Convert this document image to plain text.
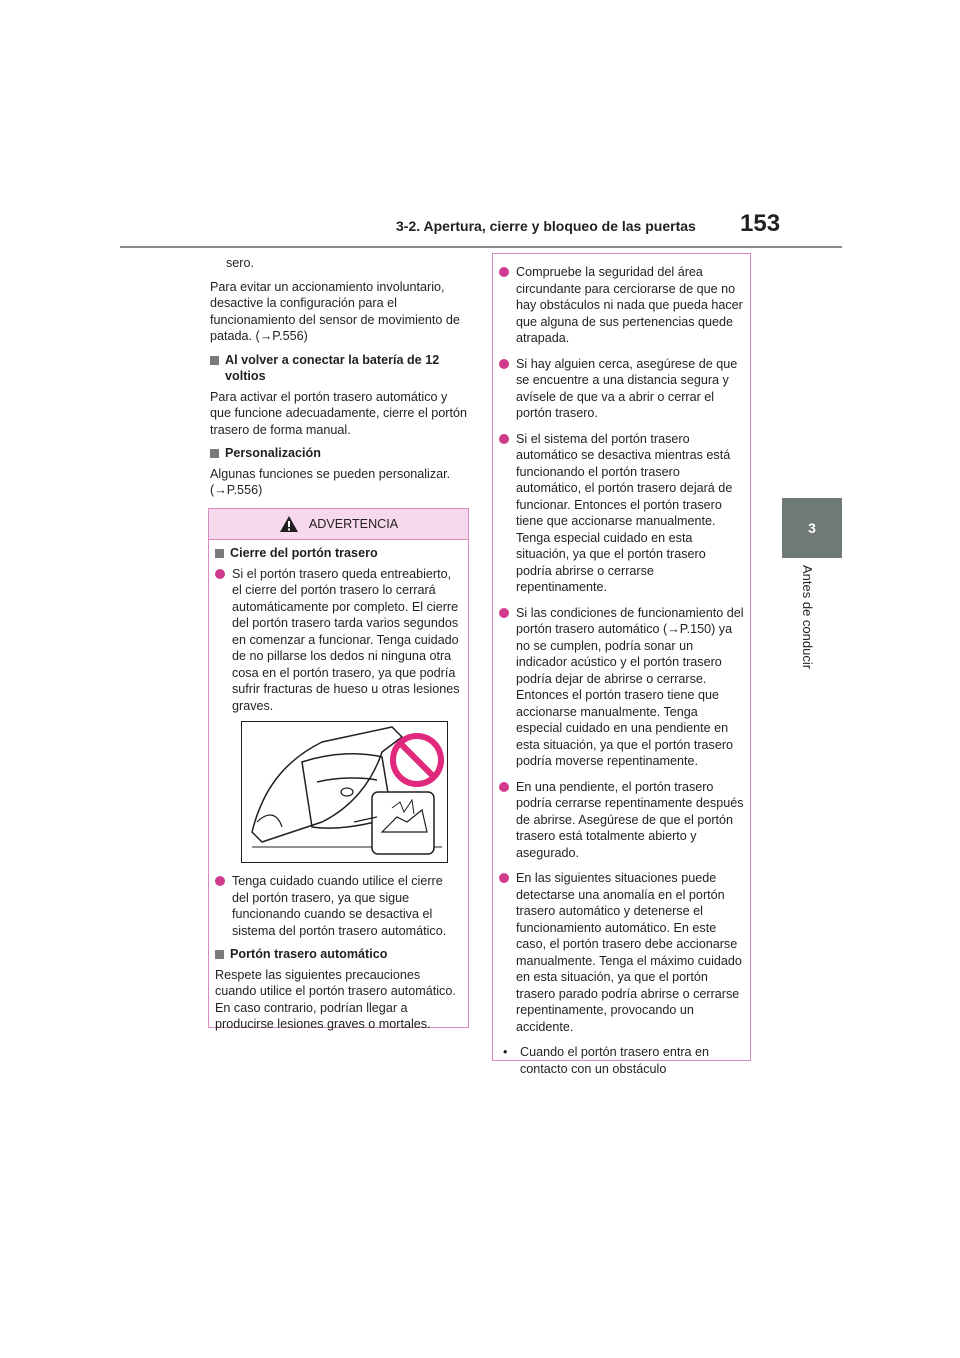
3-2. Apertura, cierre y bloqueo de las puertas 153
3
Antes de conducir

sero.

Para evitar un accionamiento involuntario, desactive la configuración para el funcionamiento del sensor de movimiento de patada. (→P.556)

Al volver a conectar la batería de 12 voltios

Para activar el portón trasero automático y que funcione adecuadamente, cierre el portón trasero de forma manual.

Personalización

Algunas funciones se pueden personalizar. (→P.556)

ADVERTENCIA
Cierre del portón trasero

Si el portón trasero queda entreabierto, el cierre del portón trasero lo cerrará automáticamente por completo. El cierre del portón trasero tarda varios segundos en comenzar a funcionar. Tenga cuidado de no pillarse los dedos ni ninguna otra cosa en el portón trasero, ya que podría sufrir fracturas de hueso u otras lesiones graves.

Tenga cuidado cuando utilice el cierre del portón trasero, ya que sigue funcionando cuando se desactiva el sistema del portón trasero automático.

Portón trasero automático

Respete las siguientes precauciones cuando utilice el portón trasero automático. En caso contrario, podrían llegar a producirse lesiones graves o mortales.

Compruebe la seguridad del área circundante para cerciorarse de que no hay obstáculos ni nada que pueda hacer que alguna de sus pertenencias quede atrapada.

Si hay alguien cerca, asegúrese de que se encuentre a una distancia segura y avísele de que va a abrir o cerrar el portón trasero.

Si el sistema del portón trasero automático se desactiva mientras está funcionando el portón trasero automático, el portón trasero dejará de funcionar. Entonces el portón trasero tiene que accionarse manualmente. Tenga especial cuidado en esta situación, ya que el portón trasero podría abrirse o cerrarse repentinamente.

Si las condiciones de funcionamiento del portón trasero automático (→P.150) ya no se cumplen, podría sonar un indicador acústico y el portón trasero podría dejar de abrirse o cerrarse. Entonces el portón trasero tiene que accionarse manualmente. Tenga especial cuidado en una pendiente en esta situación, ya que el portón trasero podría moverse repentinamente.

En una pendiente, el portón trasero podría cerrarse repentinamente después de abrirse. Asegúrese de que el portón trasero está totalmente abierto y asegurado.

En las siguientes situaciones puede detectarse una anomalía en el portón trasero automático y detenerse el funcionamiento automático. En este caso, el portón trasero debe accionarse manualmente. Tenga el máximo cuidado en esta situación, ya que el portón trasero parado podría abrirse o cerrarse repentinamente, provocando un accidente.

• Cuando el portón trasero entra en contacto con un obstáculo
